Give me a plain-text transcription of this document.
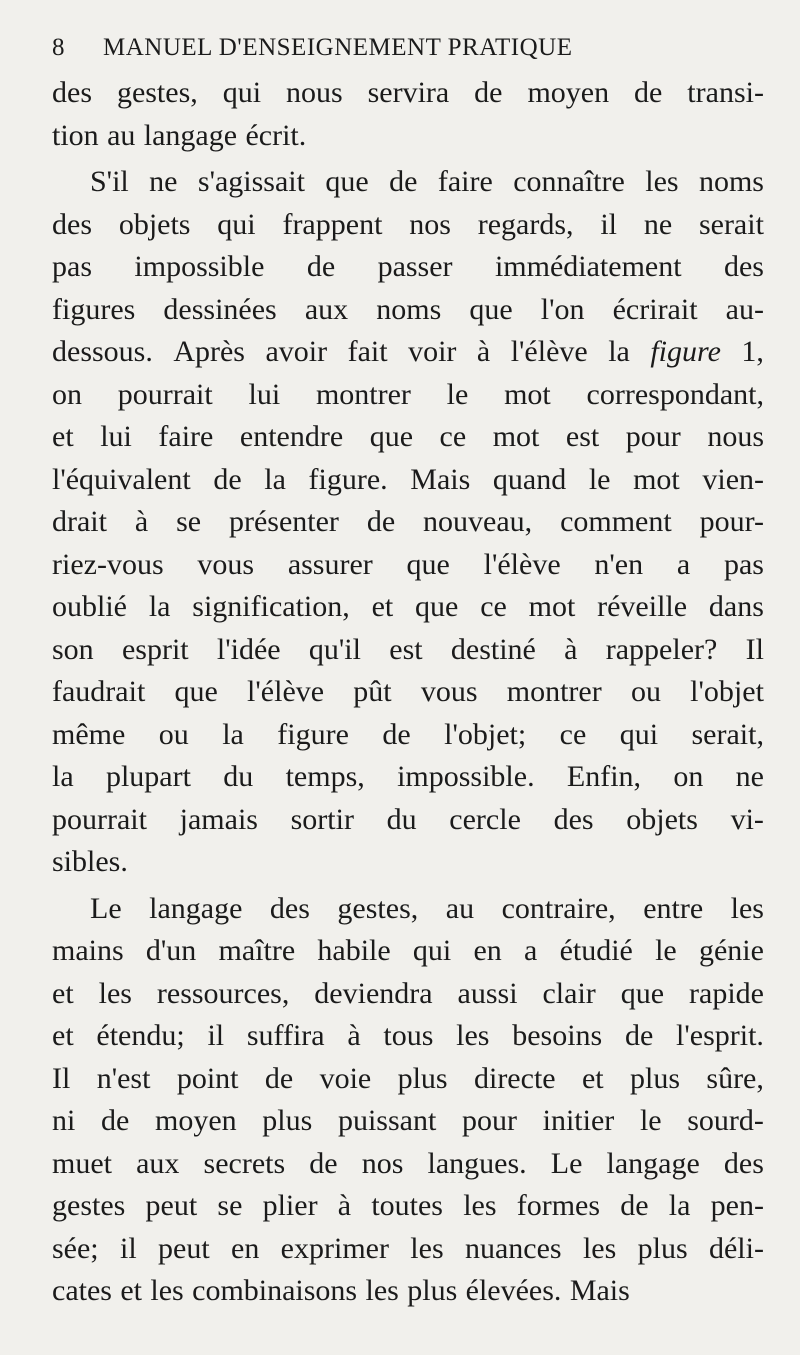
8 MANUEL D'ENSEIGNEMENT PRATIQUE
des gestes, qui nous servira de moyen de transi-
tion au langage écrit.
S'il ne s'agissait que de faire connaître les noms
des objets qui frappent nos regards, il ne serait
pas impossible de passer immédiatement des
figures dessinées aux noms que l'on écrirait au-
dessous. Après avoir fait voir à l'élève la figure 1,
on pourrait lui montrer le mot correspondant,
et lui faire entendre que ce mot est pour nous
l'équivalent de la figure. Mais quand le mot vien-
drait à se présenter de nouveau, comment pour-
riez-vous vous assurer que l'élève n'en a pas
oublié la signification, et que ce mot réveille dans
son esprit l'idée qu'il est destiné à rappeler? Il
faudrait que l'élève pût vous montrer ou l'objet
même ou la figure de l'objet; ce qui serait,
la plupart du temps, impossible. Enfin, on ne
pourrait jamais sortir du cercle des objets vi-
sibles.
Le langage des gestes, au contraire, entre les
mains d'un maître habile qui en a étudié le génie
et les ressources, deviendra aussi clair que rapide
et étendu; il suffira à tous les besoins de l'esprit.
Il n'est point de voie plus directe et plus sûre,
ni de moyen plus puissant pour initier le sourd-
muet aux secrets de nos langues. Le langage des
gestes peut se plier à toutes les formes de la pen-
sée; il peut en exprimer les nuances les plus déli-
cates et les combinaisons les plus élevées. Mais
